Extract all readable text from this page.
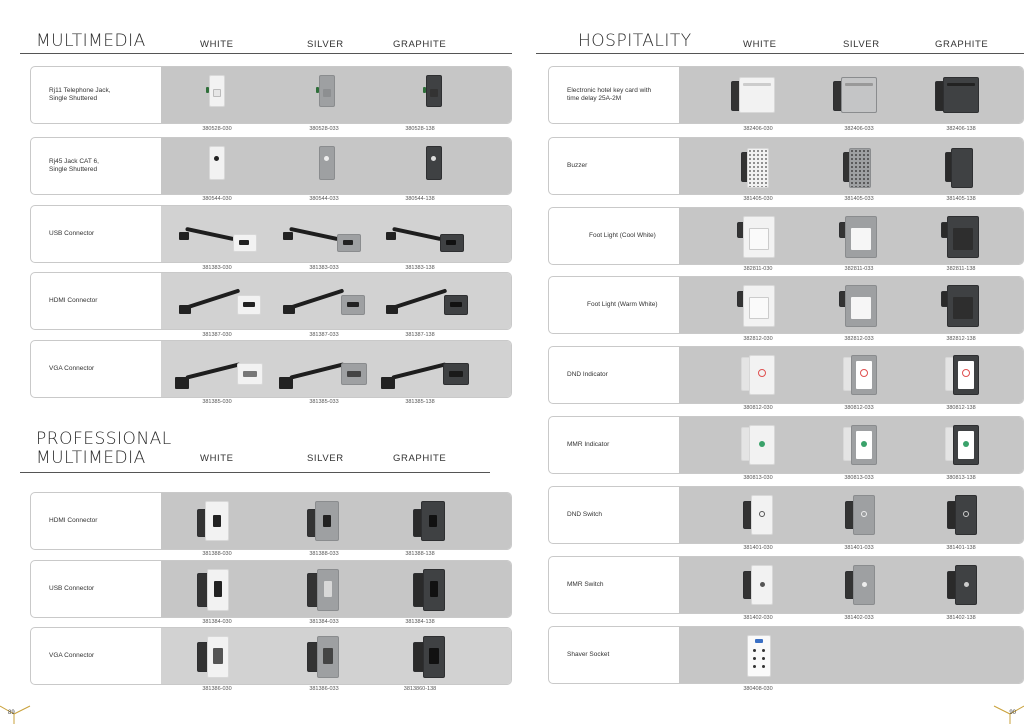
MULTIMEDIA	WHITE	SILVER	GRAPHITE
Rj11 Telephone Jack,
Single Shuttered
380528-030	380528-033	380528-138
Rj45 Jack CAT 6,
Single Shuttered
380544-030	380544-033	380544-138
USB Connector
381383-030	381383-033	381383-138
HDMI Connector
381387-030	381387-033	381387-138
VGA Connector
381385-030	381385-033	381385-138
PROFESSIONAL
MULTIMEDIA	WHITE	SILVER	GRAPHITE
HDMI Connector
381388-030	381388-033	381388-138
USB Connector
381384-030	381384-033	381384-138
VGA Connector
381386-030	381386-033	3813860-138
89
HOSPITALITY	WHITE	SILVER	GRAPHITE
Electronic hotel key card with
time delay 25A-2M
382406-030	382406-033	382406-138
Buzzer
381405-030	381405-033	381405-138
Foot Light (Cool White)
382811-030	382811-033	382811-138
Foot Light (Warm White)
382812-030	382812-033	382812-138
DND Indicator
380812-030	380812-033	380812-138
MMR Indicator
380813-030	380813-033	380813-138
DND Switch
381401-030	381401-033	381401-138
MMR Switch
381402-030	381402-033	381402-138
Shaver Socket
380408-030
90
